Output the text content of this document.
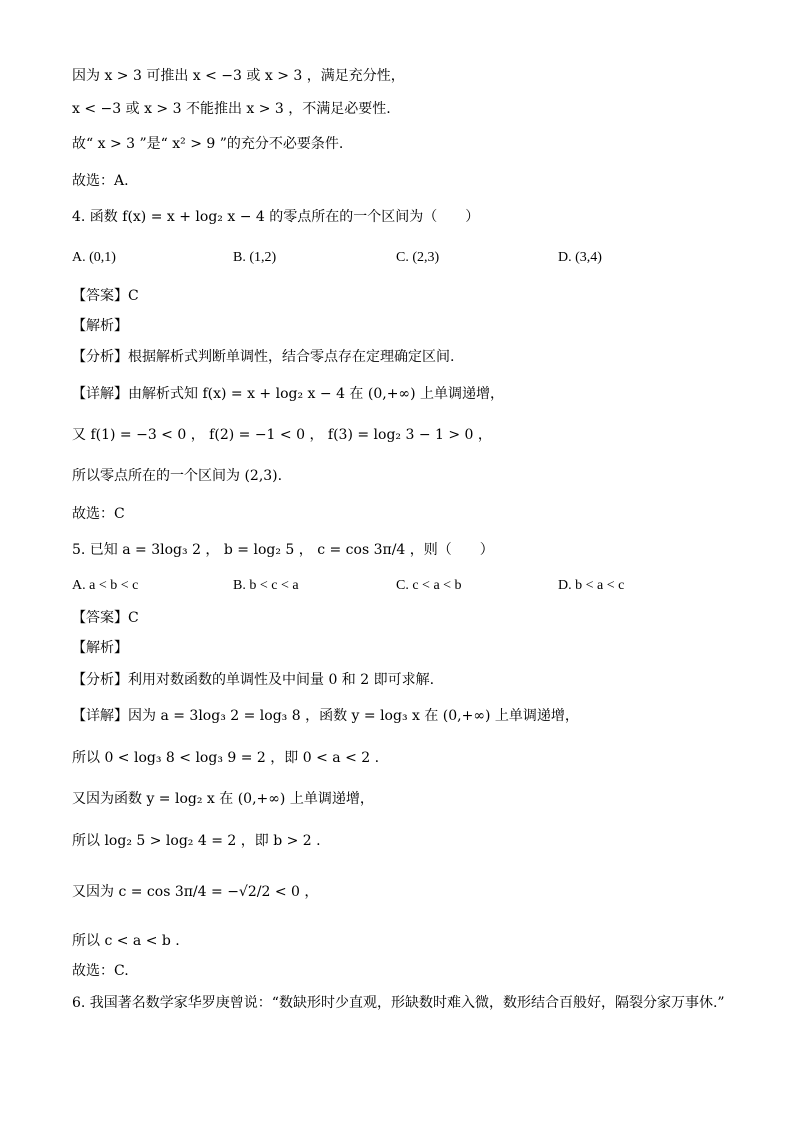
因为 x > 3 可推出 x < −3 或 x > 3 ，满足充分性，
x < −3 或 x > 3 不能推出 x > 3 ，不满足必要性.
故“ x > 3 ”是“ x² > 9 ”的充分不必要条件.
故选：A.
4. 函数 f(x) = x + log₂ x − 4 的零点所在的一个区间为（　　）
A. (0,1)	B. (1,2)	C. (2,3)	D. (3,4)
【答案】C
【解析】
【分析】根据解析式判断单调性，结合零点存在定理确定区间.
【详解】由解析式知 f(x) = x + log₂ x − 4 在 (0,+∞) 上单调递增，
又 f(1) = −3 < 0 ， f(2) = −1 < 0 ， f(3) = log₂ 3 − 1 > 0 ，
所以零点所在的一个区间为 (2,3).
故选：C
5. 已知 a = 3log₃ 2 ， b = log₂ 5 ， c = cos 3π/4 ，则（　　）
A. a < b < c	B. b < c < a	C. c < a < b	D. b < a < c
【答案】C
【解析】
【分析】利用对数函数的单调性及中间量 0 和 2 即可求解.
【详解】因为 a = 3log₃ 2 = log₃ 8 ，函数 y = log₃ x 在 (0,+∞) 上单调递增，
所以 0 < log₃ 8 < log₃ 9 = 2 ，即 0 < a < 2 .
又因为函数 y = log₂ x 在 (0,+∞) 上单调递增，
所以 log₂ 5 > log₂ 4 = 2 ，即 b > 2 .
又因为 c = cos 3π/4 = −√2/2 < 0 ，
所以 c < a < b .
故选：C.
6. 我国著名数学家华罗庚曾说：“数缺形时少直观，形缺数时难入微，数形结合百般好，隔裂分家万事休.”
